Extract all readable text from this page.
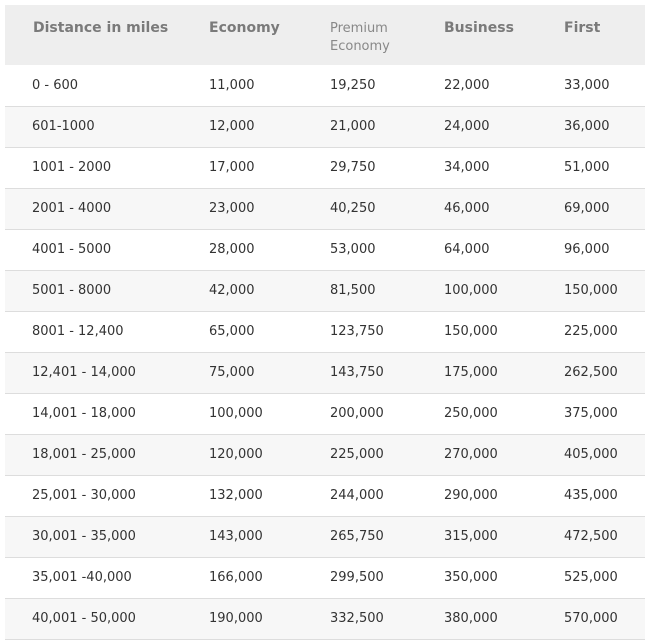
Distance in miles	Economy	Premium Economy	Business	First
0 - 600	11,000	19,250	22,000	33,000
601-1000	12,000	21,000	24,000	36,000
1001 - 2000	17,000	29,750	34,000	51,000
2001 - 4000	23,000	40,250	46,000	69,000
4001 - 5000	28,000	53,000	64,000	96,000
5001 - 8000	42,000	81,500	100,000	150,000
8001 - 12,400	65,000	123,750	150,000	225,000
12,401 - 14,000	75,000	143,750	175,000	262,500
14,001 - 18,000	100,000	200,000	250,000	375,000
18,001 - 25,000	120,000	225,000	270,000	405,000
25,001 - 30,000	132,000	244,000	290,000	435,000
30,001 - 35,000	143,000	265,750	315,000	472,500
35,001 -40,000	166,000	299,500	350,000	525,000
40,001 - 50,000	190,000	332,500	380,000	570,000
